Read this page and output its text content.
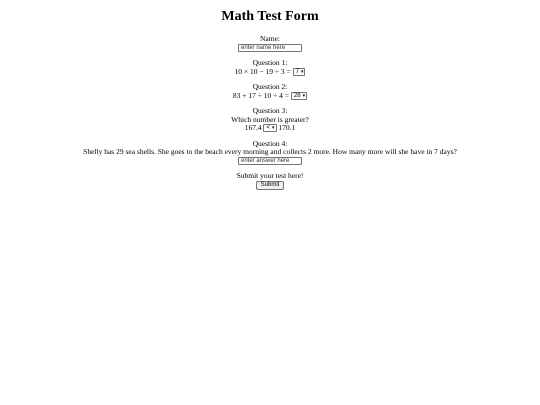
Math Test Form
Name:
enter name here
Question 1:
10 × 10 − 19 ÷ 3 = 7 ▾
Question 2:
83 + 17 ÷ 10 ÷ 4 = 28 ▾
Question 3:
Which number is greater?
167.4 < ▾ 170.1
Question 4:
Shelly has 29 sea shells. She goes to the beach every morning and collects 2 more. How many more will she have in 7 days?
enter answer here
Submit your test here!
Submit
